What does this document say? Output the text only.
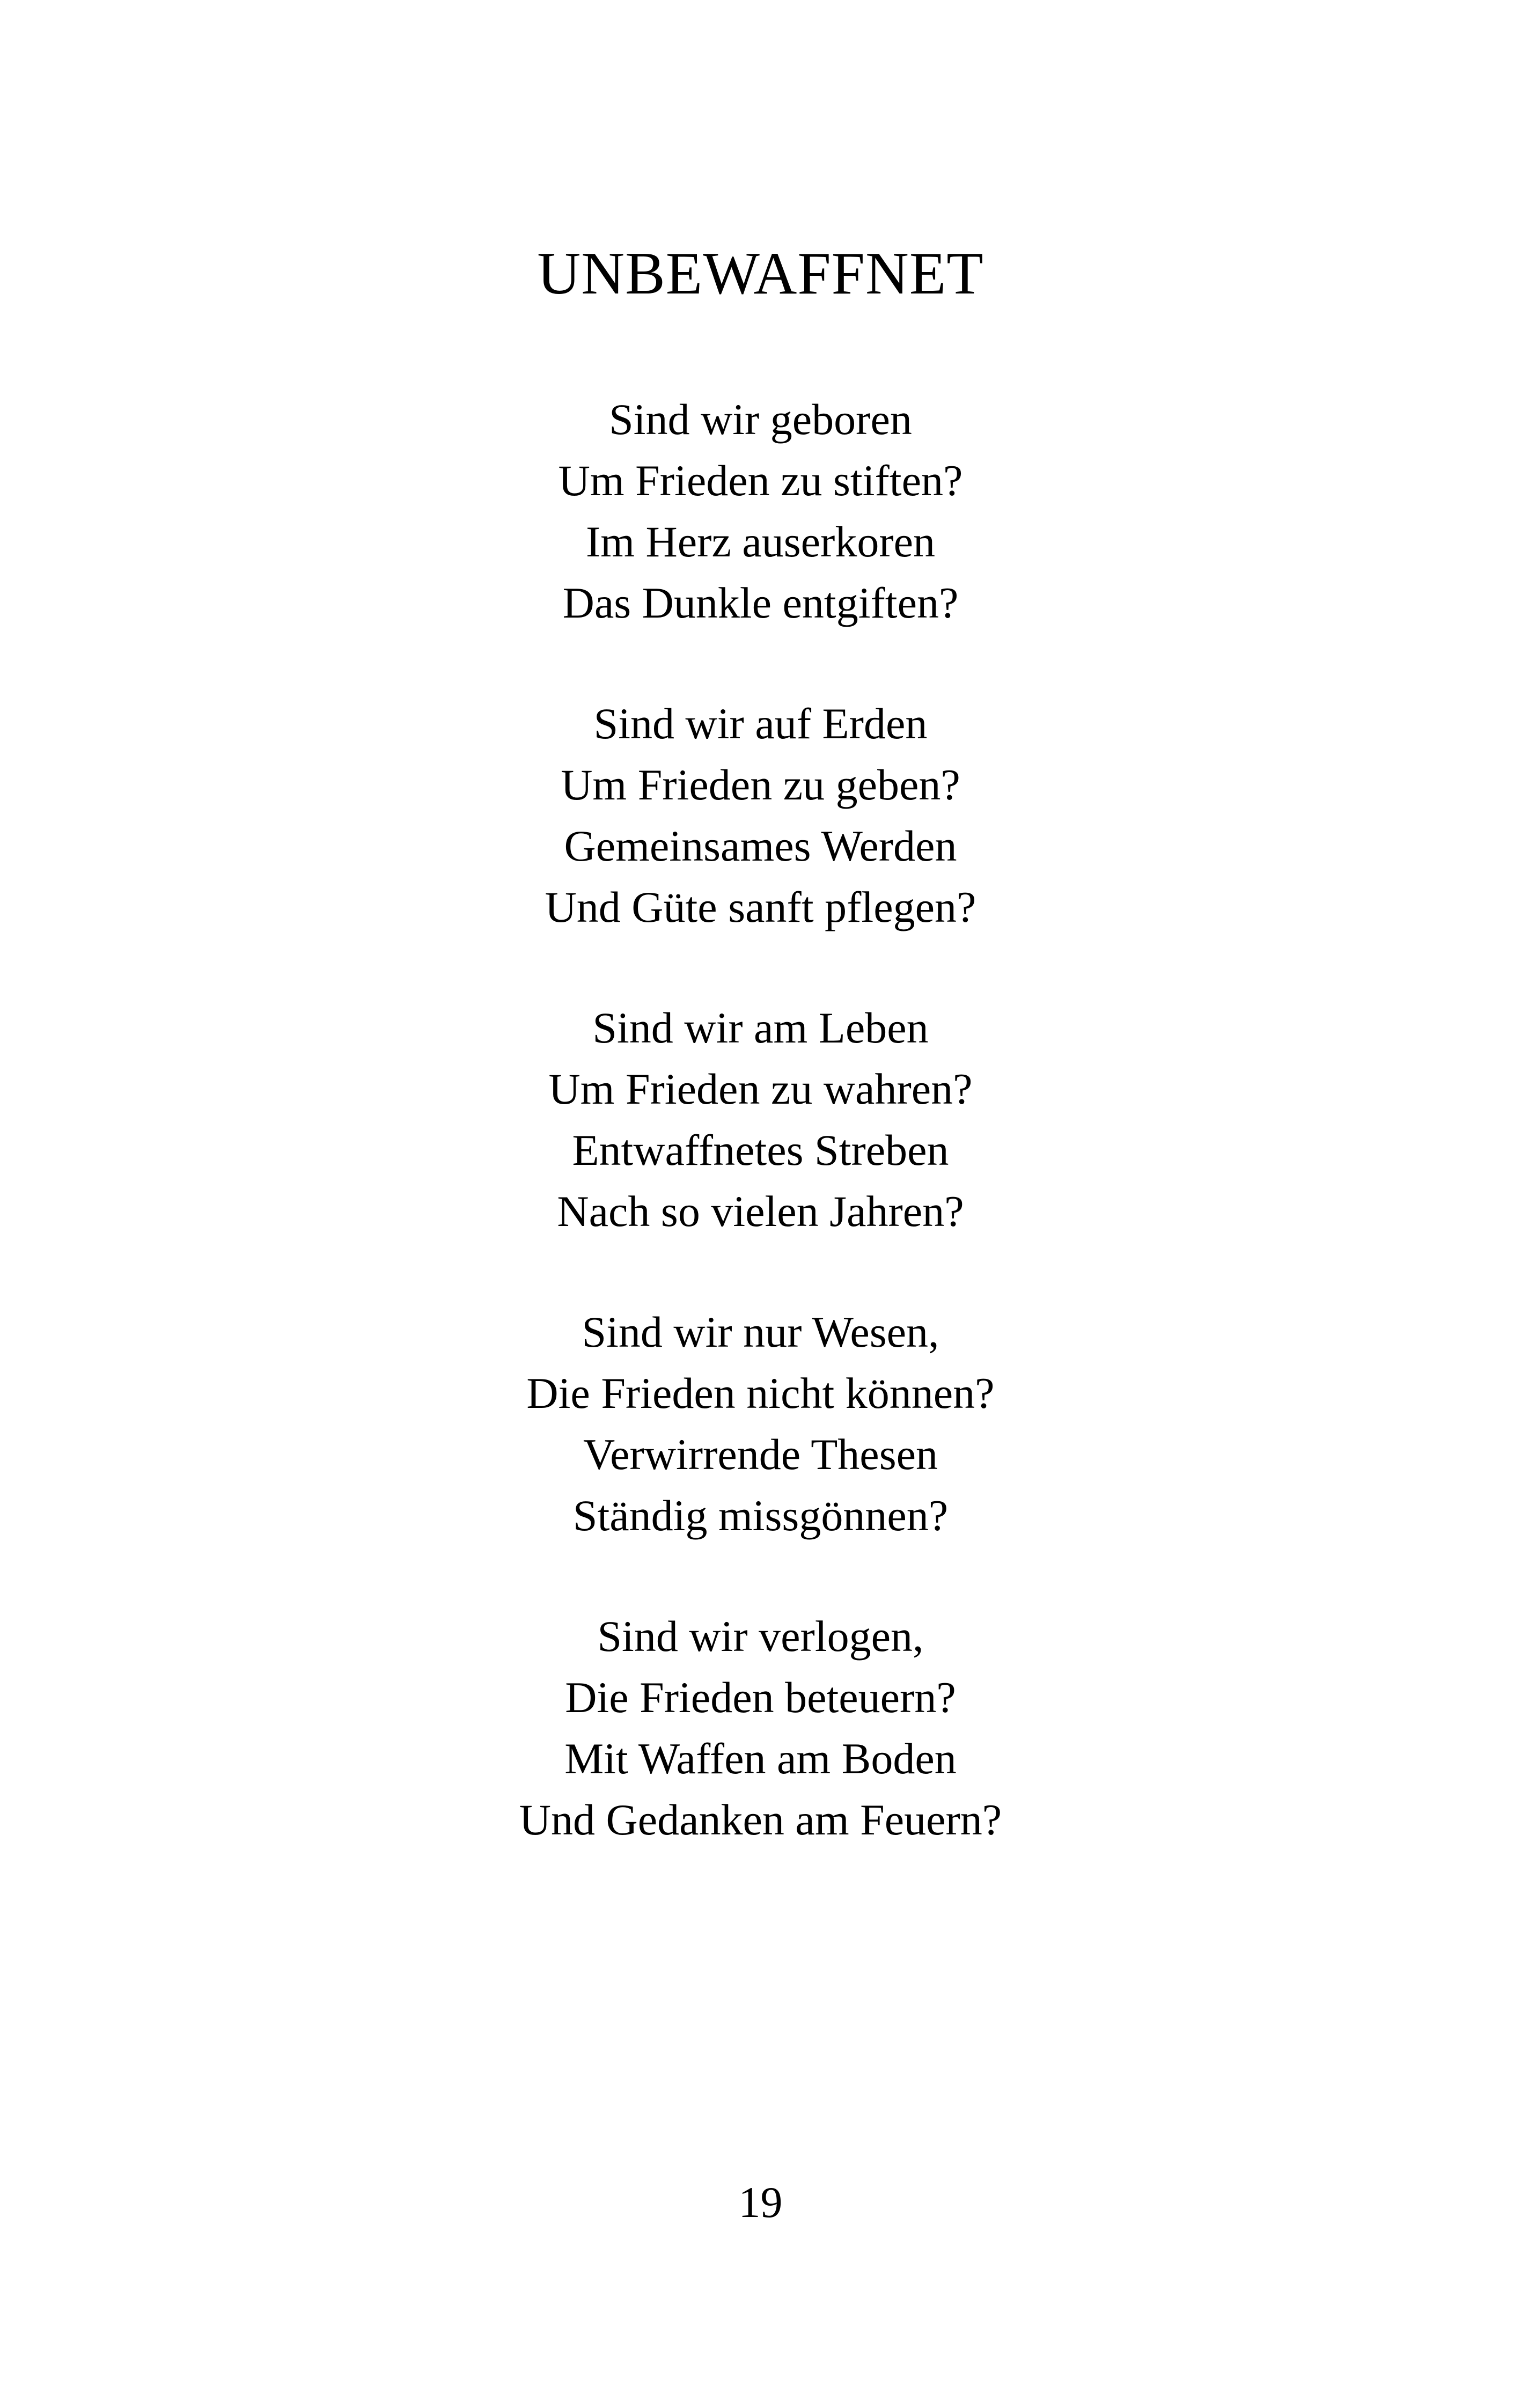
UNBEWAFFNET

Sind wir geboren
Um Frieden zu stiften?
Im Herz auserkoren
Das Dunkle entgiften?

Sind wir auf Erden
Um Frieden zu geben?
Gemeinsames Werden
Und Güte sanft pflegen?

Sind wir am Leben
Um Frieden zu wahren?
Entwaffnetes Streben
Nach so vielen Jahren?

Sind wir nur Wesen,
Die Frieden nicht können?
Verwirrende Thesen
Ständig missgönnen?

Sind wir verlogen,
Die Frieden beteuern?
Mit Waffen am Boden
Und Gedanken am Feuern?

19
